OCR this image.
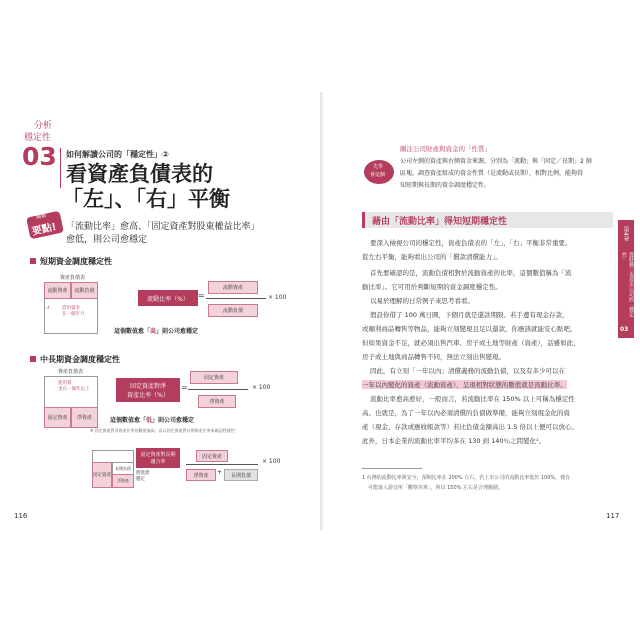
分析
穩定性
03 如何解讀公司的「穩定性」②
看資產負債表的
「左」、「右」平衡
關鍵
要點! 「流動比率」愈高、「固定資產對股東權益比率」
愈低，則公司愈穩定
短期資金調度穩定性
資產負債表
流動資產	流動負債
借用資金
在一個年月
↺
流動比率（%）	=
流動資產
流動負債
× 100
這個數值愈「高」則公司愈穩定
中長期資金調度穩定性
資產負債表
固定資產	淨資產
使用資
金在一個年以上	固定資產對淨
資產比率（%）
=
固定資產
淨資產
× 100
這個數值愈「低」則公司愈穩定
※ 固定資產對淨資產比率的數值偏高，再以固定資產對長期資產比率來確認穩健性！
固定資產
長期負債
淨資產
固定資產對長期
適合率
愈低愈
穩定
固定資產
淨資產	+	長期負債
× 100
116
先學
會這個
關注公司財產與資金的「性質」
公司左側的資產與右側資金來源，分別為「流動」與「固定／長期」2 個
區塊。調查資產組成的資金性質（是流動或長期），相對比例，能夠得
知短期與長期的資金調度穩定性。
藉由「流動比率」得知短期穩定性
要深入檢視公司的穩定性，資產負債表的「左」、「右」平衡非常重要。
從左右平衡，能夠看出公司的「償款清償能力」。
首先要確認的是，流動負債相對於流動資產的比率，這個數值稱為「流
動比率」。它可用於判斷短期的資金調度穩定性。
以易於理解的日常例子來思考看看。
假設你借了 100 萬日圓，下個月就是還款期限。若手邊有現金存款，
或順利商品轉售等物品，能夠立刻變現且足以還款，你應該就能安心點吧。
但如果資金不足，就必須出售汽車、房子或土地等財產（資產），話雖如此，
房子或土地與商品轉售不同，無法立刻出售變現。
因此，有立刻「一年以內」清償義務的流動負債，以及有多少可以在
一年以內變化的資產（流動資產），呈現相對狀態的數值就是流動比率。
流動比率愈高愈好，一般而言，若流動比率在 150% 以上可稱為穩定性
高。也就是，為了一年以內必須清償的負債做準備，能夠立刻現金化的資
產（現金、存款或應收帳款等）若比負債金額高出 1.5 倍以上便可以放心。
此外，日本企業的流動比率平均多在 130 到 140％之間變化¹。
1 台灣的流動比率與安全，預期比率在 200% 左右，若上市公司的流動比率低於 100%，便有
可能落入證交所「觀察名單」，所以 150% 左右是合理範圍。
第4章
從財務三表看出公司的「穩定性」
03
117
